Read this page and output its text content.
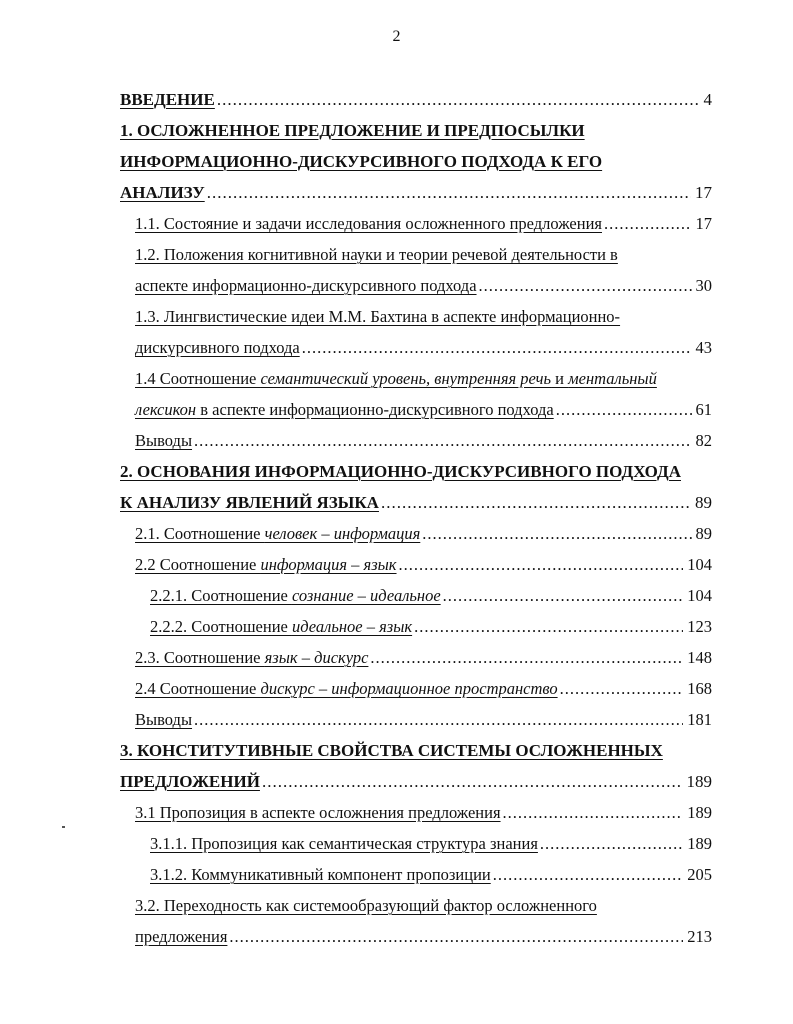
2
ВВЕДЕНИЕ .....	4
1. ОСЛОЖНЕННОЕ ПРЕДЛОЖЕНИЕ И ПРЕДПОСЫЛКИ
ИНФОРМАЦИОННО-ДИСКУРСИВНОГО ПОДХОДА К ЕГО
АНАЛИЗУ .....	17
1.1. Состояние и задачи исследования осложненного предложения .....	17
1.2. Положения когнитивной науки и теории речевой деятельности в
аспекте информационно-дискурсивного подхода .....	30
1.3. Лингвистические идеи М.М. Бахтина в аспекте информационно-
дискурсивного подхода .....	43
1.4 Соотношение семантический уровень, внутренняя речь и ментальный
лексикон в аспекте информационно-дискурсивного подхода .....	61
Выводы .....	82
2. ОСНОВАНИЯ ИНФОРМАЦИОННО-ДИСКУРСИВНОГО ПОДХОДА
К АНАЛИЗУ ЯВЛЕНИЙ ЯЗЫКА .....	89
2.1. Соотношение человек – информация .....	89
2.2 Соотношение информация – язык .....	104
2.2.1. Соотношение сознание – идеальное .....	104
2.2.2. Соотношение идеальное – язык .....	123
2.3. Соотношение язык – дискурс .....	148
2.4 Соотношение дискурс – информационное пространство .....	168
Выводы .....	181
3. КОНСТИТУТИВНЫЕ СВОЙСТВА СИСТЕМЫ ОСЛОЖНЕННЫХ
ПРЕДЛОЖЕНИЙ .....	189
3.1 Пропозиция в аспекте осложнения предложения .....	189
3.1.1. Пропозиция как семантическая структура знания .....	189
3.1.2. Коммуникативный компонент пропозиции .....	205
3.2. Переходность как системообразующий фактор осложненного
предложения .....	213
